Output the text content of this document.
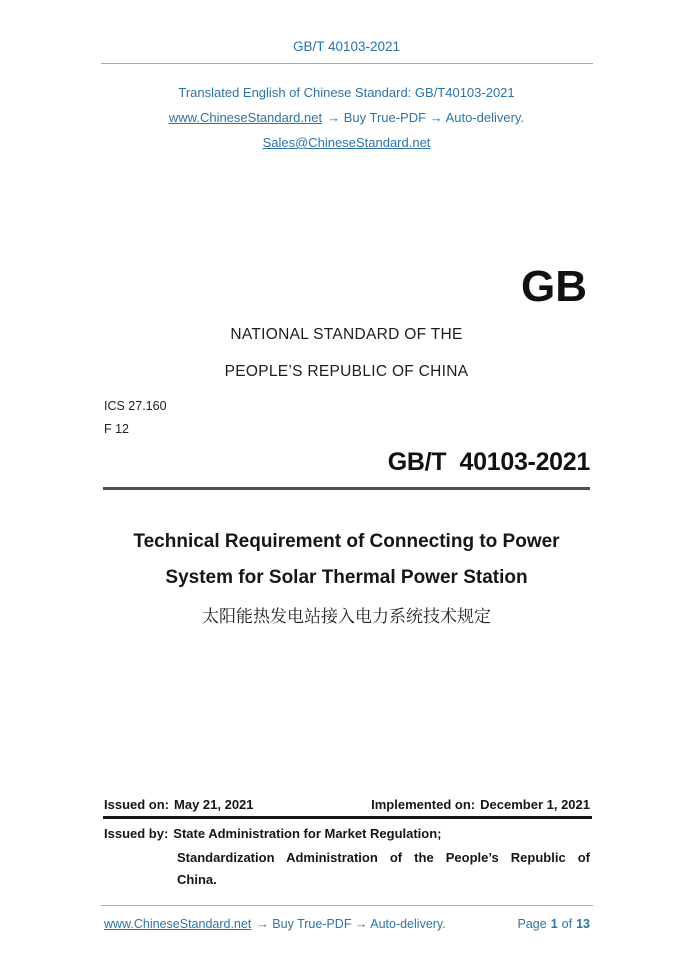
GB/T 40103-2021
Translated English of Chinese Standard: GB/T40103-2021
www.ChineseStandard.net → Buy True-PDF → Auto-delivery.
Sales@ChineseStandard.net
GB
NATIONAL STANDARD OF THE
PEOPLE’S REPUBLIC OF CHINA
ICS 27.160
F 12
GB/T  40103-2021
Technical Requirement of Connecting to Power
System for Solar Thermal Power Station
太阳能热发电站接入电力系统技术规定
Issued on: May 21, 2021	Implemented on: December 1, 2021
Issued by: State Administration for Market Regulation;
Standardization Administration of the People’s Republic of
China.
www.ChineseStandard.net → Buy True-PDF → Auto-delivery.	Page 1 of 13
